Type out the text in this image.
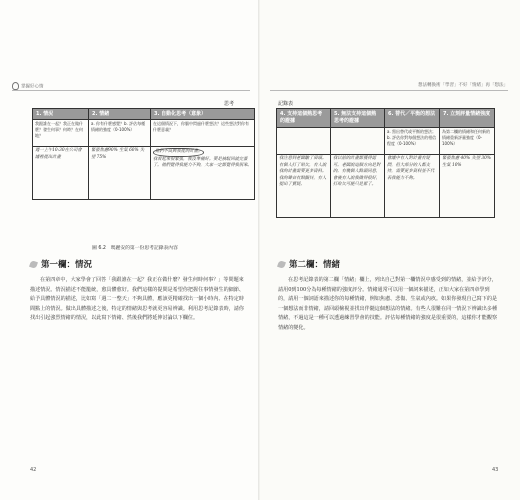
掌握好心情
思考
1. 情況	2. 情緒	3. 自動化思考（意象）
我跟誰在一起？我正在做什麼？發生何事？何時？在何地？	a. 你有什麼感覺？b. 評估每種情緒的強度（0-100%）	在這個情況下，你腦中閃過什麼想法？這些想法對你有什麼意義？
週一上午10:30在公司會議裡提出計畫	緊張焦慮90% 生氣 60% 失望 75%	他們不高興我提的計畫。
我看起來很緊張，我沒準備好。要是被駁回就完蛋了。他們覺得我能力不夠，大家一定都覺得我很笨。
圖 6.2　瑪麗安的第一份思考記錄表內容
第一欄：情況
在第四章中，大家學會了回答「我跟誰在一起？我正在做什麼？發生何時何事？」等問題來描述情況。情況描述不能籠統，愈具體愈好。我們這樣的提問是希望你把握住事情發生的細節、給予具體情況的描述，比如寫「週二一整天」不夠具體，應該更精確找出一個小時內、在特定時間點上的情況。做出具體描述之後，特定的情緒與思考就更容易辨識。利用思考記錄表時，請你找出引起強烈情緒的情況，以此寫下情緒、然後我們將延伸討論以下欄位。
42
想法轉換術「學習」不好「情緒」再「想法」
記錄表
4. 支持這個熱思考的證據	5. 無法支持這個熱思考的證據	6. 替代／平衡的想法	7. 立刻評量情緒強度
		a. 寫出替代或平衡的想法；b. 評估你對每個想法的相信程度（0-100%）	為第二欄的情緒和任何新的情緒重新評量強度（0-100%）
我注意到老闆皺了眉頭。有個人打了哈欠，有人說我的計畫需要更多資料。我的聲音有點顫抖，有人提出了質疑。	我以前的計畫都獲得認可。老闆說這個方向是對的。有幾個人點頭同意，會後有人說我做得很好，打哈欠可能只是累了。	會議中有人對計畫有疑問，但大部分的人都支持，需要更多資料並不代表我能力不夠。	緊張焦慮 40% 失望 30% 生氣 10%
第二欄：情緒
在思考記錄表的第二欄「情緒」欄上，列出自己對第一欄情況中感受到的情緒，並給予評分，請用0到100分為每種情緒的強度評分。情緒通常可以用一個詞來描述，正如大家在第四章學到的，請用一個詞語來描述你的每種情緒，例如焦慮、悲傷、生氣或內疚。如果你發現自己寫下的是一個想法而非情緒，請回頭檢視並找出伴隨這個想法的情緒。有些人很難在同一情況下辨識出多種情緒，不過這是一種可以透過練習學會的技能。評估每種情緒的強度是很重要的，這樣你才能觀察情緒的變化。
43
